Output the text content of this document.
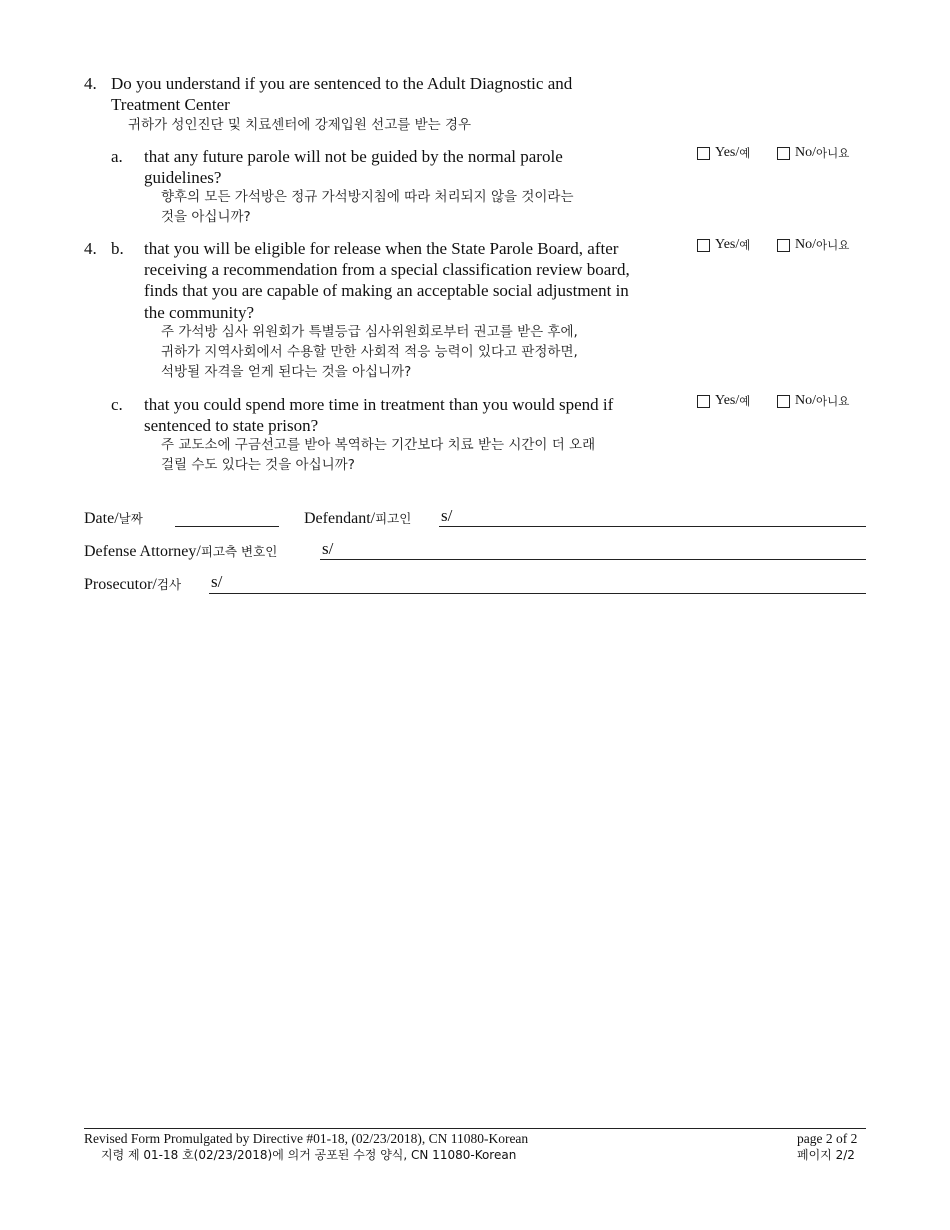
4. Do you understand if you are sentenced to the Adult Diagnostic and
Treatment Center
귀하가 성인진단 및 치료센터에 강제입원 선고를 받는 경우
a. that any future parole will not be guided by the normal parole
guidelines?
향후의 모든 가석방은 정규 가석방지침에 따라 처리되지 않을 것이라는
것을 아십니까?
Yes/ 예	No/ 아니요
4. b. that you will be eligible for release when the State Parole Board, after
receiving a recommendation from a special classification review board,
finds that you are capable of making an acceptable social adjustment in
the community?
주 가석방 심사 위원회가 특별등급 심사위원회로부터 권고를 받은 후에,
귀하가 지역사회에서 수용할 만한 사회적 적응 능력이 있다고 판정하면,
석방될 자격을 얻게 된다는 것을 아십니까?
Yes/ 예	No/ 아니요
c. that you could spend more time in treatment than you would spend if
sentenced to state prison?
주 교도소에 구금선고를 받아 복역하는 기간보다 치료 받는 시간이 더 오래
걸릴 수도 있다는 것을 아십니까?
Yes/ 예	No/ 아니요
Date/날짜	Defendant/피고인 s/
Defense Attorney/피고측 변호인	s/
Prosecutor/검사 s/
Revised Form Promulgated by Directive #01-18, (02/23/2018), CN 11080-Korean
지령 제 01-18 호(02/23/2018)에 의거 공포된 수정 양식, CN 11080-Korean
page 2 of 2
페이지 2/2
